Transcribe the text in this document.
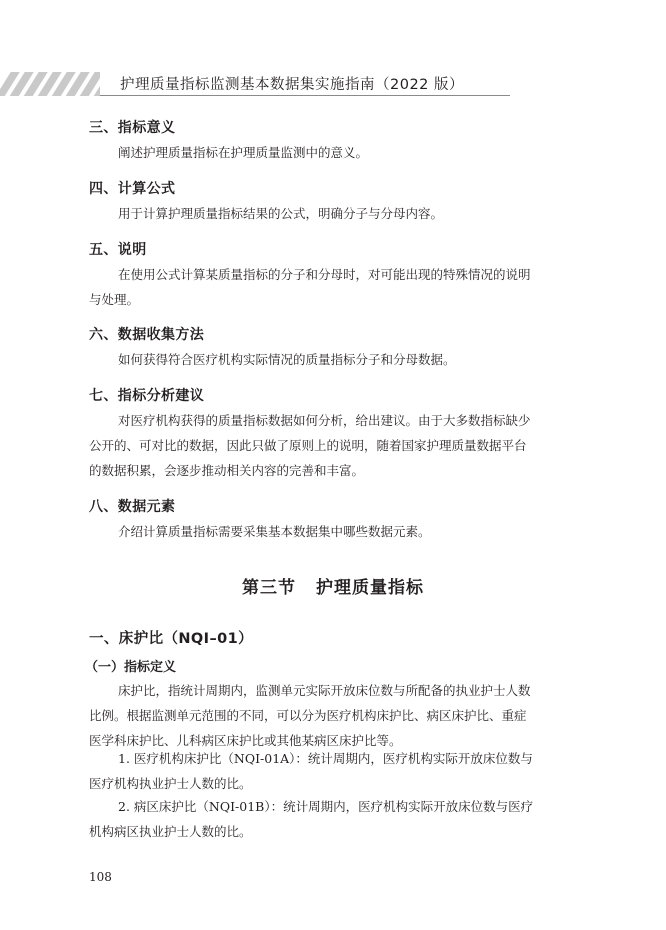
护理质量指标监测基本数据集实施指南（2022 版）
三、指标意义
阐述护理质量指标在护理质量监测中的意义。
四、计算公式
用于计算护理质量指标结果的公式，明确分子与分母内容。
五、说明
在使用公式计算某质量指标的分子和分母时，对可能出现的特殊情况的说明
与处理。
六、数据收集方法
如何获得符合医疗机构实际情况的质量指标分子和分母数据。
七、指标分析建议
对医疗机构获得的质量指标数据如何分析，给出建议。由于大多数指标缺少
公开的、可对比的数据，因此只做了原则上的说明，随着国家护理质量数据平台
的数据积累，会逐步推动相关内容的完善和丰富。
八、数据元素
介绍计算质量指标需要采集基本数据集中哪些数据元素。
第三节 护理质量指标
一、床护比（NQI–01）
（一）指标定义
床护比，指统计周期内，监测单元实际开放床位数与所配备的执业护士人数
比例。根据监测单元范围的不同，可以分为医疗机构床护比、病区床护比、重症
医学科床护比、儿科病区床护比或其他某病区床护比等。
1. 医疗机构床护比（NQI-01A）：统计周期内，医疗机构实际开放床位数与
医疗机构执业护士人数的比。
2. 病区床护比（NQI-01B）：统计周期内，医疗机构实际开放床位数与医疗
机构病区执业护士人数的比。
108
